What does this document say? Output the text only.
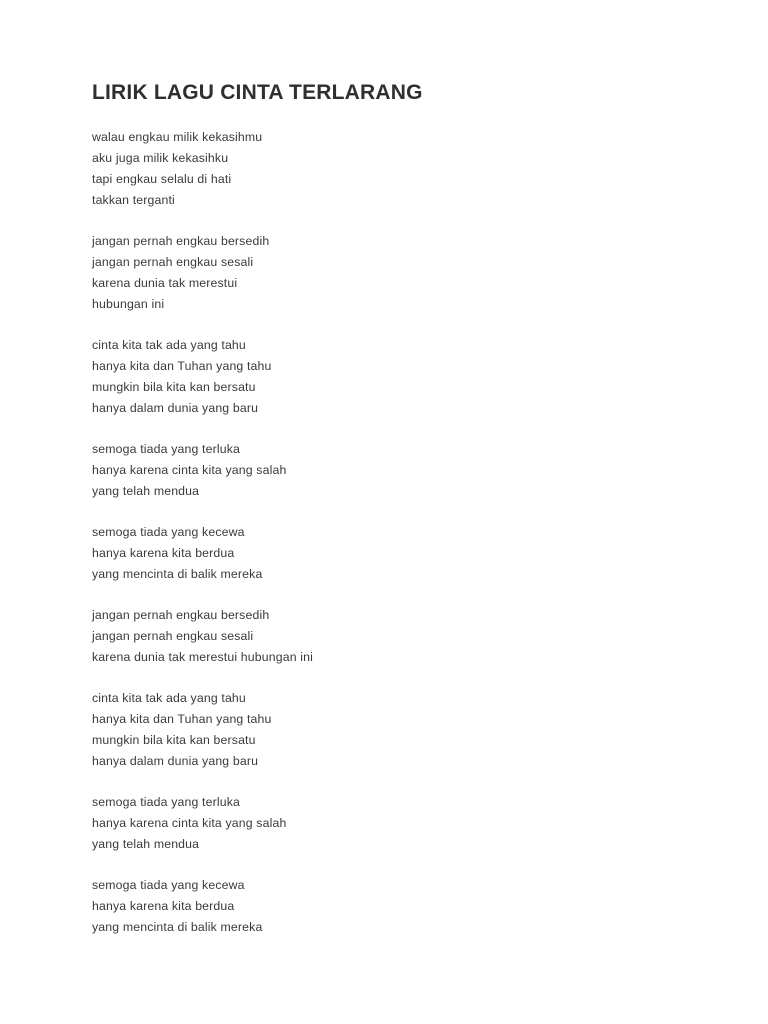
LIRIK LAGU CINTA TERLARANG
walau engkau milik kekasihmu
aku juga milik kekasihku
tapi engkau selalu di hati
takkan terganti
jangan pernah engkau bersedih
jangan pernah engkau sesali
karena dunia tak merestui
hubungan ini
cinta kita tak ada yang tahu
hanya kita dan Tuhan yang tahu
mungkin bila kita kan bersatu
hanya dalam dunia yang baru
semoga tiada yang terluka
hanya karena cinta kita yang salah
yang telah mendua
semoga tiada yang kecewa
hanya karena kita berdua
yang mencinta di balik mereka
jangan pernah engkau bersedih
jangan pernah engkau sesali
karena dunia tak merestui hubungan ini
cinta kita tak ada yang tahu
hanya kita dan Tuhan yang tahu
mungkin bila kita kan bersatu
hanya dalam dunia yang baru
semoga tiada yang terluka
hanya karena cinta kita yang salah
yang telah mendua
semoga tiada yang kecewa
hanya karena kita berdua
yang mencinta di balik mereka
